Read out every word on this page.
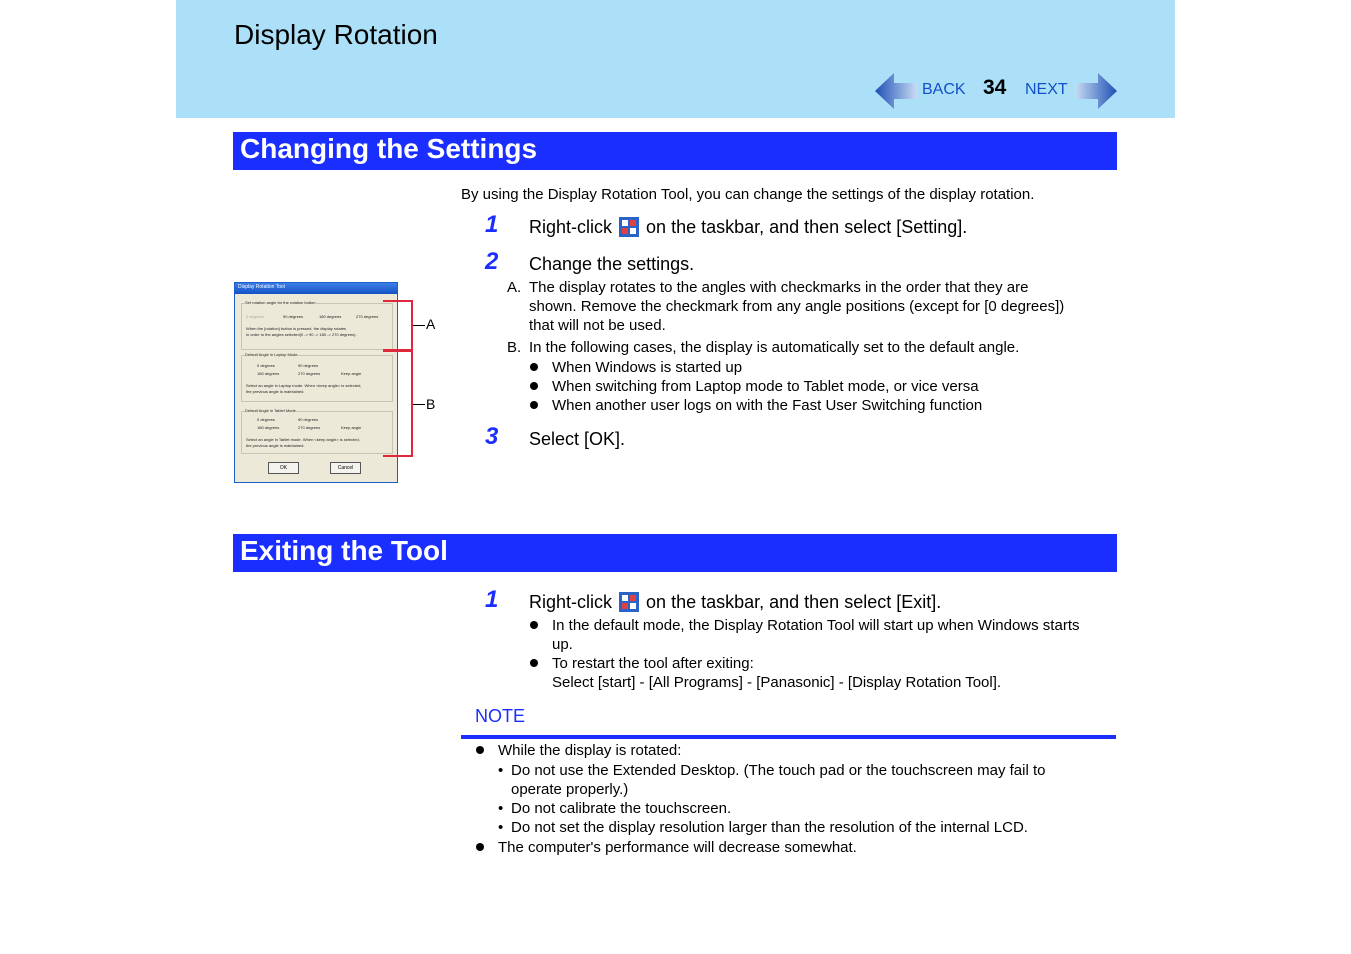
Display Rotation
BACK 34 NEXT
Changing the Settings
By using the Display Rotation Tool, you can change the settings of the display rotation.
1 Right-click on the taskbar, and then select [Setting].
2 Change the settings.
A. The display rotates to the angles with checkmarks in the order that they are
shown. Remove the checkmark from any angle positions (except for [0 degrees])
that will not be used.
B. In the following cases, the display is automatically set to the default angle.
When Windows is started up
When switching from Laptop mode to Tablet mode, or vice versa
When another user logs on with the Fast User Switching function
3 Select [OK].
Display Rotation Tool
Set rotation angle for the rotation button
0 degrees	90 degrees	180 degrees	270 degrees
When the [rotation] button is pressed, the display rotates
in order to the angles selected(0 -> 90 -> 180 -> 270 degrees).
Default Angle in Laptop Mode
0 degrees	90 degrees
180 degrees	270 degrees	Keep angle
Select an angle in Laptop mode. When <keep angle> is selected,
the previous angle is maintained.
Default Angle in Tablet Mode
0 degrees	90 degrees
180 degrees	270 degrees	Keep angle
Select an angle in Tablet mode. When <keep angle> is selected,
the previous angle is maintained.
OK	Cancel
A
B
Exiting the Tool
1 Right-click on the taskbar, and then select [Exit].
In the default mode, the Display Rotation Tool will start up when Windows starts
up.
To restart the tool after exiting:
Select [start] - [All Programs] - [Panasonic] - [Display Rotation Tool].
NOTE
While the display is rotated:
• Do not use the Extended Desktop. (The touch pad or the touchscreen may fail to
operate properly.)
• Do not calibrate the touchscreen.
• Do not set the display resolution larger than the resolution of the internal LCD.
The computer's performance will decrease somewhat.
